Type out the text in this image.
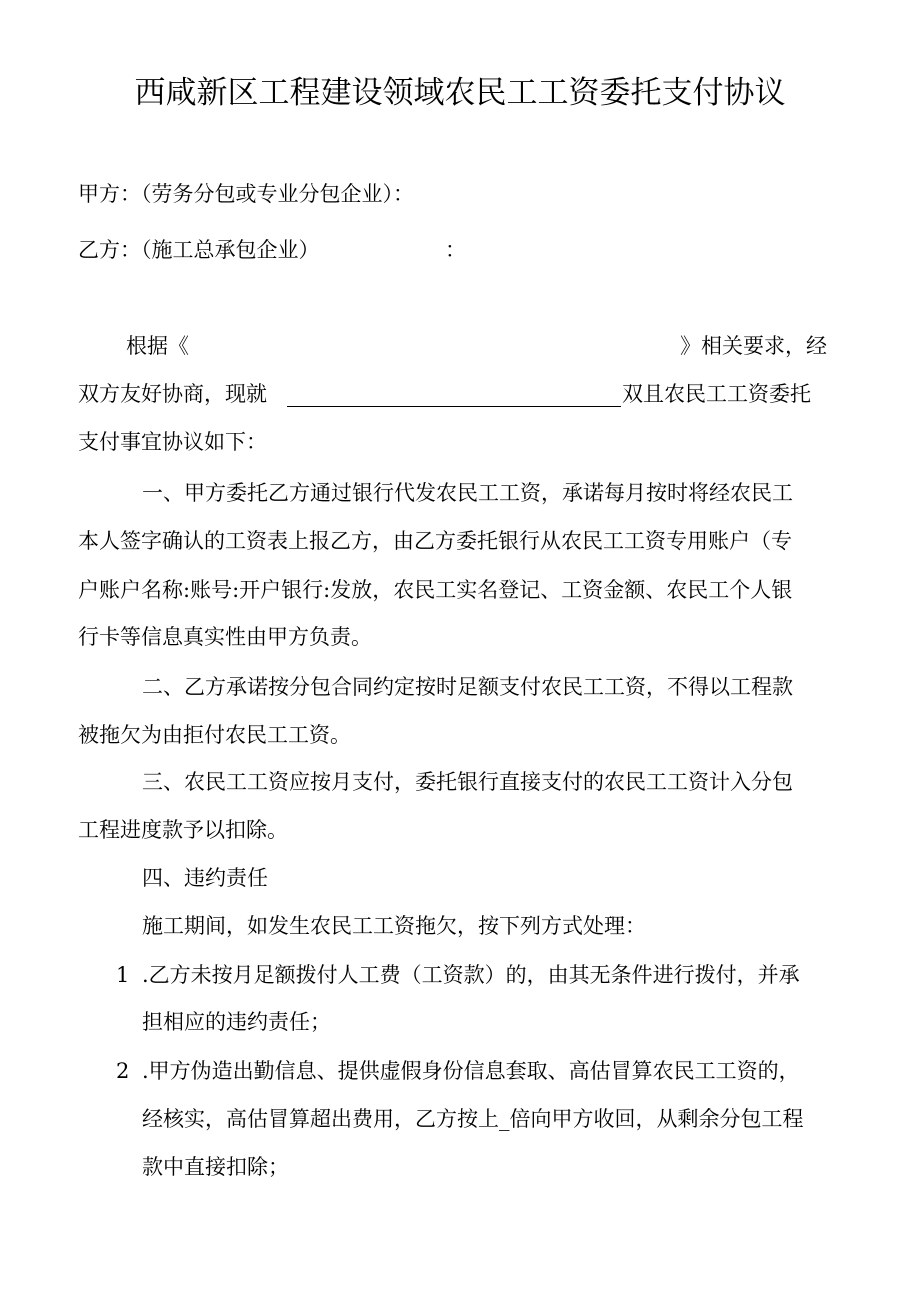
西咸新区工程建设领域农民工工资委托支付协议
甲方：（劳务分包或专业分包企业）：
乙方：（施工总承包企业）	：
根据《	》相关要求，经
双方友好协商，现就	双且农民工工资委托
支付事宜协议如下：
一、甲方委托乙方通过银行代发农民工工资，承诺每月按时将经农民工
本人签字确认的工资表上报乙方，由乙方委托银行从农民工工资专用账户（专
户账户名称:账号:开户银行:发放，农民工实名登记、工资金额、农民工个人银
行卡等信息真实性由甲方负责。
二、乙方承诺按分包合同约定按时足额支付农民工工资，不得以工程款
被拖欠为由拒付农民工工资。
三、农民工工资应按月支付，委托银行直接支付的农民工工资计入分包
工程进度款予以扣除。
四、违约责任
施工期间，如发生农民工工资拖欠，按下列方式处理：
1 .乙方未按月足额拨付人工费（工资款）的，由其无条件进行拨付，并承
担相应的违约责任；
2 .甲方伪造出勤信息、提供虚假身份信息套取、高估冒算农民工工资的，
经核实，高估冒算超出费用，乙方按上_倍向甲方收回，从剩余分包工程
款中直接扣除；
